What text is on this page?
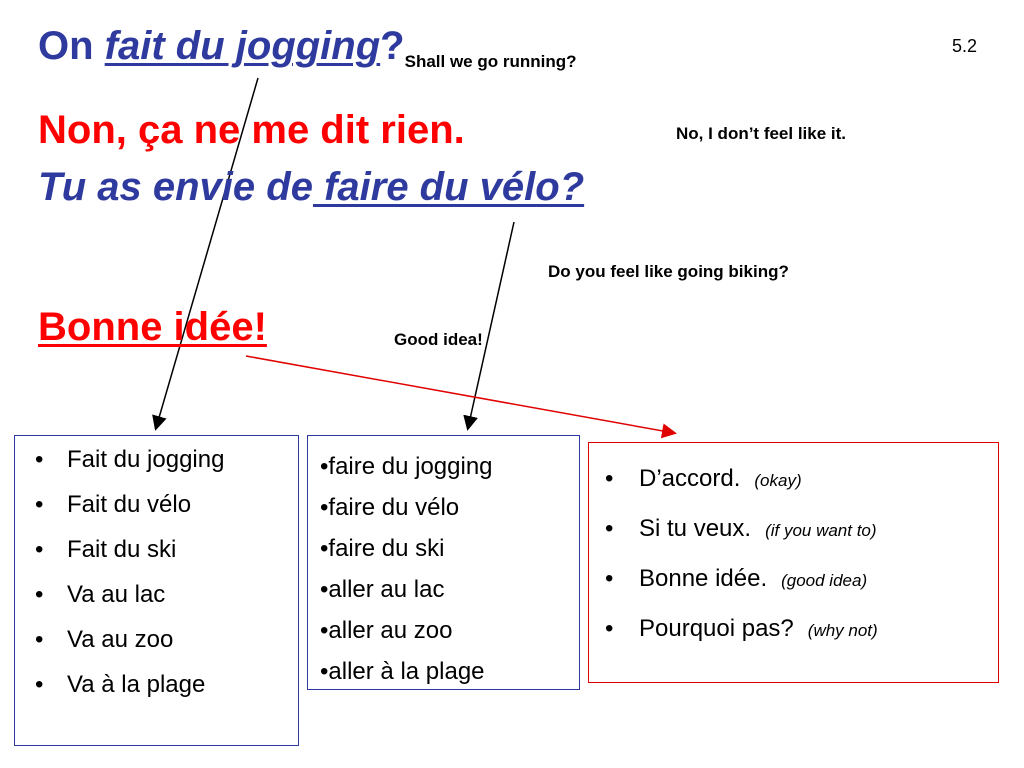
5.2
On fait du $jogging?_{Shall we go running?}$
Non, ça ne me dit rien.	No, I don’t feel like it.
Tu as envie de faire du vélo?
Do you feel like going biking?
Bonne idée!	Good idea!
• Fait du jogging
• Fait du vélo
• Fait du ski
• Va au lac
• Va au zoo
• Va à la plage
• faire du jogging
• faire du vélo
• faire du ski
• aller au lac
• aller au zoo
• aller à la plage
• D’accord. (okay)
• Si tu veux. (if you want to)
• Bonne idée. (good idea)
• Pourquoi pas? (why not)
